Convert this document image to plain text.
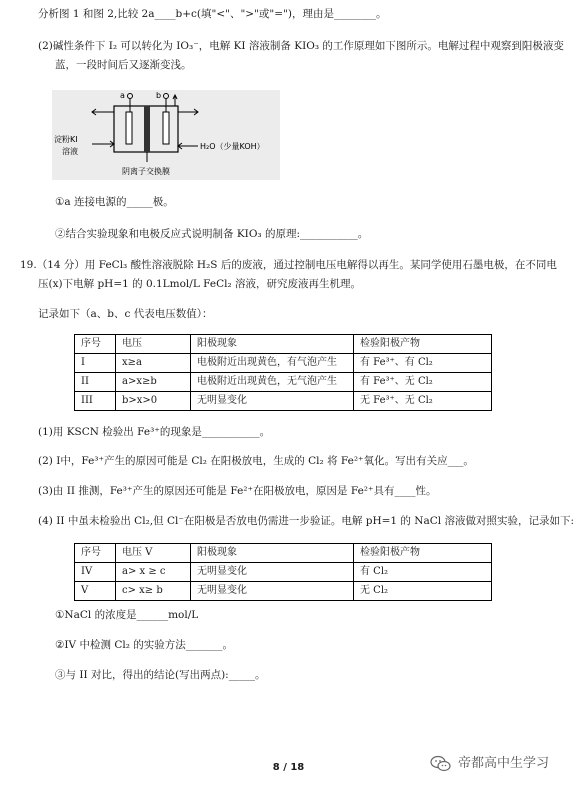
分析图 1 和图 2,比较 2a____b+c(填"<"、">"或"=")，理由是________。
(2)碱性条件下 I₂ 可以转化为 IO₃⁻，电解 KI 溶液制备 KIO₃ 的工作原理如下图所示。电解过程中观察到阳极液变
蓝，一段时间后又逐渐变浅。
a	b
淀粉KI
溶液
H₂O（少量KOH）
阴离子交换膜
①a 连接电源的_____极。
②结合实验现象和电极反应式说明制备 KIO₃ 的原理:___________。
19.（14 分）用 FeCl₃ 酸性溶液脱除 H₂S 后的废液，通过控制电压电解得以再生。某同学使用石墨电极，在不同电
压(x)下电解 pH=1 的 0.1Lmol/L FeCl₂ 溶液，研究废液再生机理。
记录如下（a、b、c 代表电压数值）：
序号	电压	阳极现象	检验阳极产物
I	x≥a	电极附近出现黄色，有气泡产生	有 Fe³⁺、有 Cl₂
II	a>x≥b	电极附近出现黄色，无气泡产生	有 Fe³⁺、无 Cl₂
III	b>x>0	无明显变化	无 Fe³⁺、无 Cl₂
(1)用 KSCN 检验出 Fe³⁺的现象是___________。
(2) I中，Fe³⁺产生的原因可能是 Cl₂ 在阳极放电，生成的 Cl₂ 将 Fe²⁺氧化。写出有关应___。
(3)由 II 推测，Fe³⁺产生的原因还可能是 Fe²⁺在阳极放电，原因是 Fe²⁺具有____性。
(4) II 中虽未检验出 Cl₂,但 Cl⁻在阳极是否放电仍需进一步验证。电解 pH=1 的 NaCl 溶液做对照实验，记录如下:
序号	电压 V	阳极现象	检验阳极产物
IV	a> x ≥ c	无明显变化	有 Cl₂
V	c> x≥ b	无明显变化	无 Cl₂
①NaCl 的浓度是______mol/L
②IV 中检测 Cl₂ 的实验方法_______。
③与 II 对比，得出的结论(写出两点):_____。
8 / 18	帝都高中生学习
